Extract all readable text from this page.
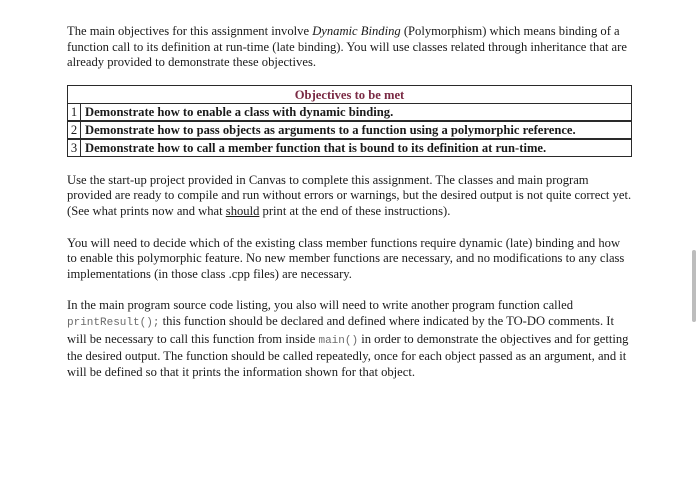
The main objectives for this assignment involve Dynamic Binding (Polymorphism) which means binding of a function call to its definition at run-time (late binding). You will use classes related through inheritance that are already provided to demonstrate these objectives.

Objectives to be met	
1	Demonstrate how to enable a class with dynamic binding.
2	Demonstrate how to pass objects as arguments to a function using a polymorphic reference.
3	Demonstrate how to call a member function that is bound to its definition at run-time.

Use the start-up project provided in Canvas to complete this assignment. The classes and main program provided are ready to compile and run without errors or warnings, but the desired output is not quite correct yet. (See what prints now and what should print at the end of these instructions).

You will need to decide which of the existing class member functions require dynamic (late) binding and how to enable this polymorphic feature. No new member functions are necessary, and no modifications to any class implementations (in those class .cpp files) are necessary.

In the main program source code listing, you also will need to write another program function called printResult(); this function should be declared and defined where indicated by the TO-DO comments. It will be necessary to call this function from inside main() in order to demonstrate the objectives and for getting the desired output. The function should be called repeatedly, once for each object passed as an argument, and it will be defined so that it prints the information shown for that object.
